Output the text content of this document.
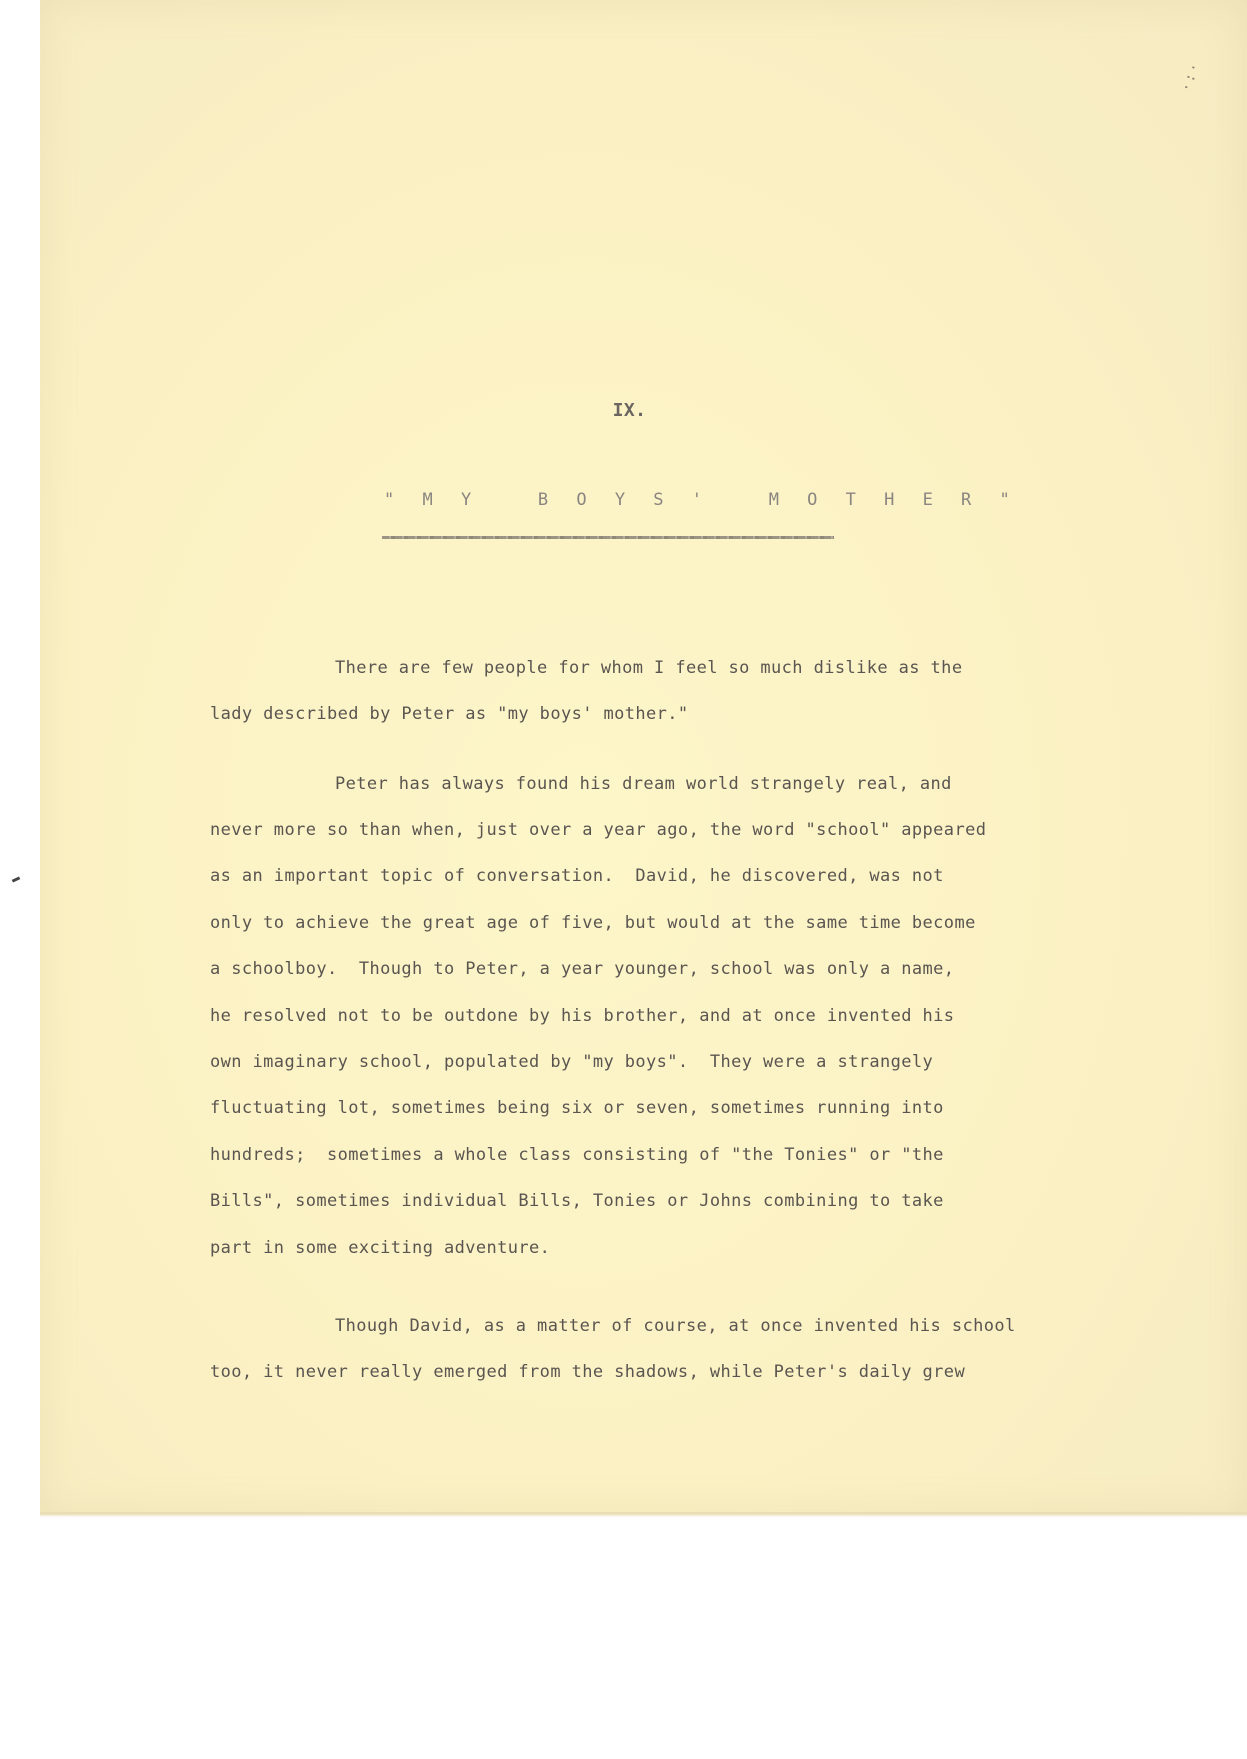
·:·
IX.
" M Y   B O Y S '   M O T H E R "
There are few people for whom I feel so much dislike as the
lady described by Peter as "my boys' mother."
Peter has always found his dream world strangely real, and
never more so than when, just over a year ago, the word "school" appeared
as an important topic of conversation.  David, he discovered, was not
only to achieve the great age of five, but would at the same time become
a schoolboy.  Though to Peter, a year younger, school was only a name,
he resolved not to be outdone by his brother, and at once invented his
own imaginary school, populated by "my boys".  They were a strangely
fluctuating lot, sometimes being six or seven, sometimes running into
hundreds;  sometimes a whole class consisting of "the Tonies" or "the
Bills", sometimes individual Bills, Tonies or Johns combining to take
part in some exciting adventure.
Though David, as a matter of course, at once invented his school
too, it never really emerged from the shadows, while Peter's daily grew
